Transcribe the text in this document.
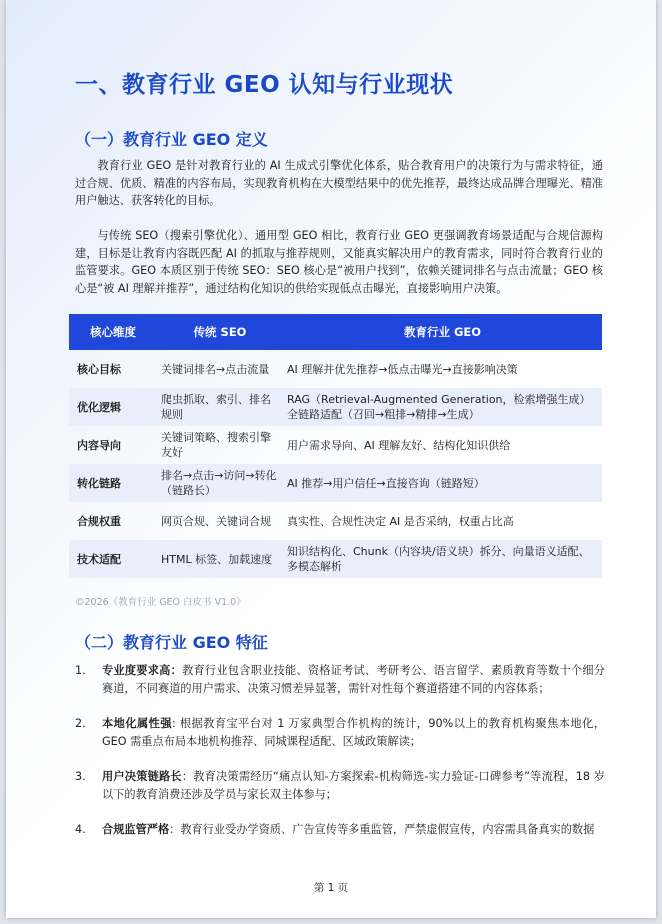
一、教育行业 GEO 认知与行业现状
（一）教育行业 GEO 定义
教育行业 GEO 是针对教育行业的 AI 生成式引擎优化体系，贴合教育用户的决策行为与需求特征，通过合规、优质、精准的内容布局，实现教育机构在大模型结果中的优先推荐，最终达成品牌合理曝光、精准用户触达、获客转化的目标。
与传统 SEO（搜索引擎优化）、通用型 GEO 相比，教育行业 GEO 更强调教育场景适配与合规信源构建，目标是让教育内容既匹配 AI 的抓取与推荐规则，又能真实解决用户的教育需求，同时符合教育行业的监管要求。GEO 本质区别于传统 SEO：SEO 核心是“被用户找到”，依赖关键词排名与点击流量；GEO 核心是“被 AI 理解并推荐”，通过结构化知识的供给实现低点击曝光，直接影响用户决策。
核心维度	传统 SEO	教育行业 GEO
核心目标	关键词排名→点击流量	AI 理解并优先推荐→低点击曝光→直接影响决策
优化逻辑	爬虫抓取、索引、排名规则	RAG（Retrieval-Augmented Generation，检索增强生成）全链路适配（召回→粗排→精排→生成）
内容导向	关键词策略、搜索引擎友好	用户需求导向、AI 理解友好、结构化知识供给
转化链路	排名→点击→访问→转化（链路长）	AI 推荐→用户信任→直接咨询（链路短）
合规权重	网页合规、关键词合规	真实性、合规性决定 AI 是否采纳，权重占比高
技术适配	HTML 标签、加载速度	知识结构化、Chunk（内容块/语义块）拆分、向量语义适配、多模态解析
©2026《教育行业 GEO 白皮书 V1.0》
（二）教育行业 GEO 特征
1. 专业度要求高：教育行业包含职业技能、资格证考试、考研考公、语言留学、素质教育等数十个细分赛道，不同赛道的用户需求、决策习惯差异显著，需针对性每个赛道搭建不同的内容体系；
2. 本地化属性强: 根据教育宝平台对 1 万家典型合作机构的统计，90%以上的教育机构聚焦本地化，GEO 需重点布局本地机构推荐、同城课程适配、区域政策解读；
3. 用户决策链路长：教育决策需经历“痛点认知-方案探索-机构筛选-实力验证-口碑参考”等流程，18 岁以下的教育消费还涉及学员与家长双主体参与；
4. 合规监管严格：教育行业受办学资质、广告宣传等多重监管，严禁虚假宣传，内容需具备真实的数据
第 1 页
